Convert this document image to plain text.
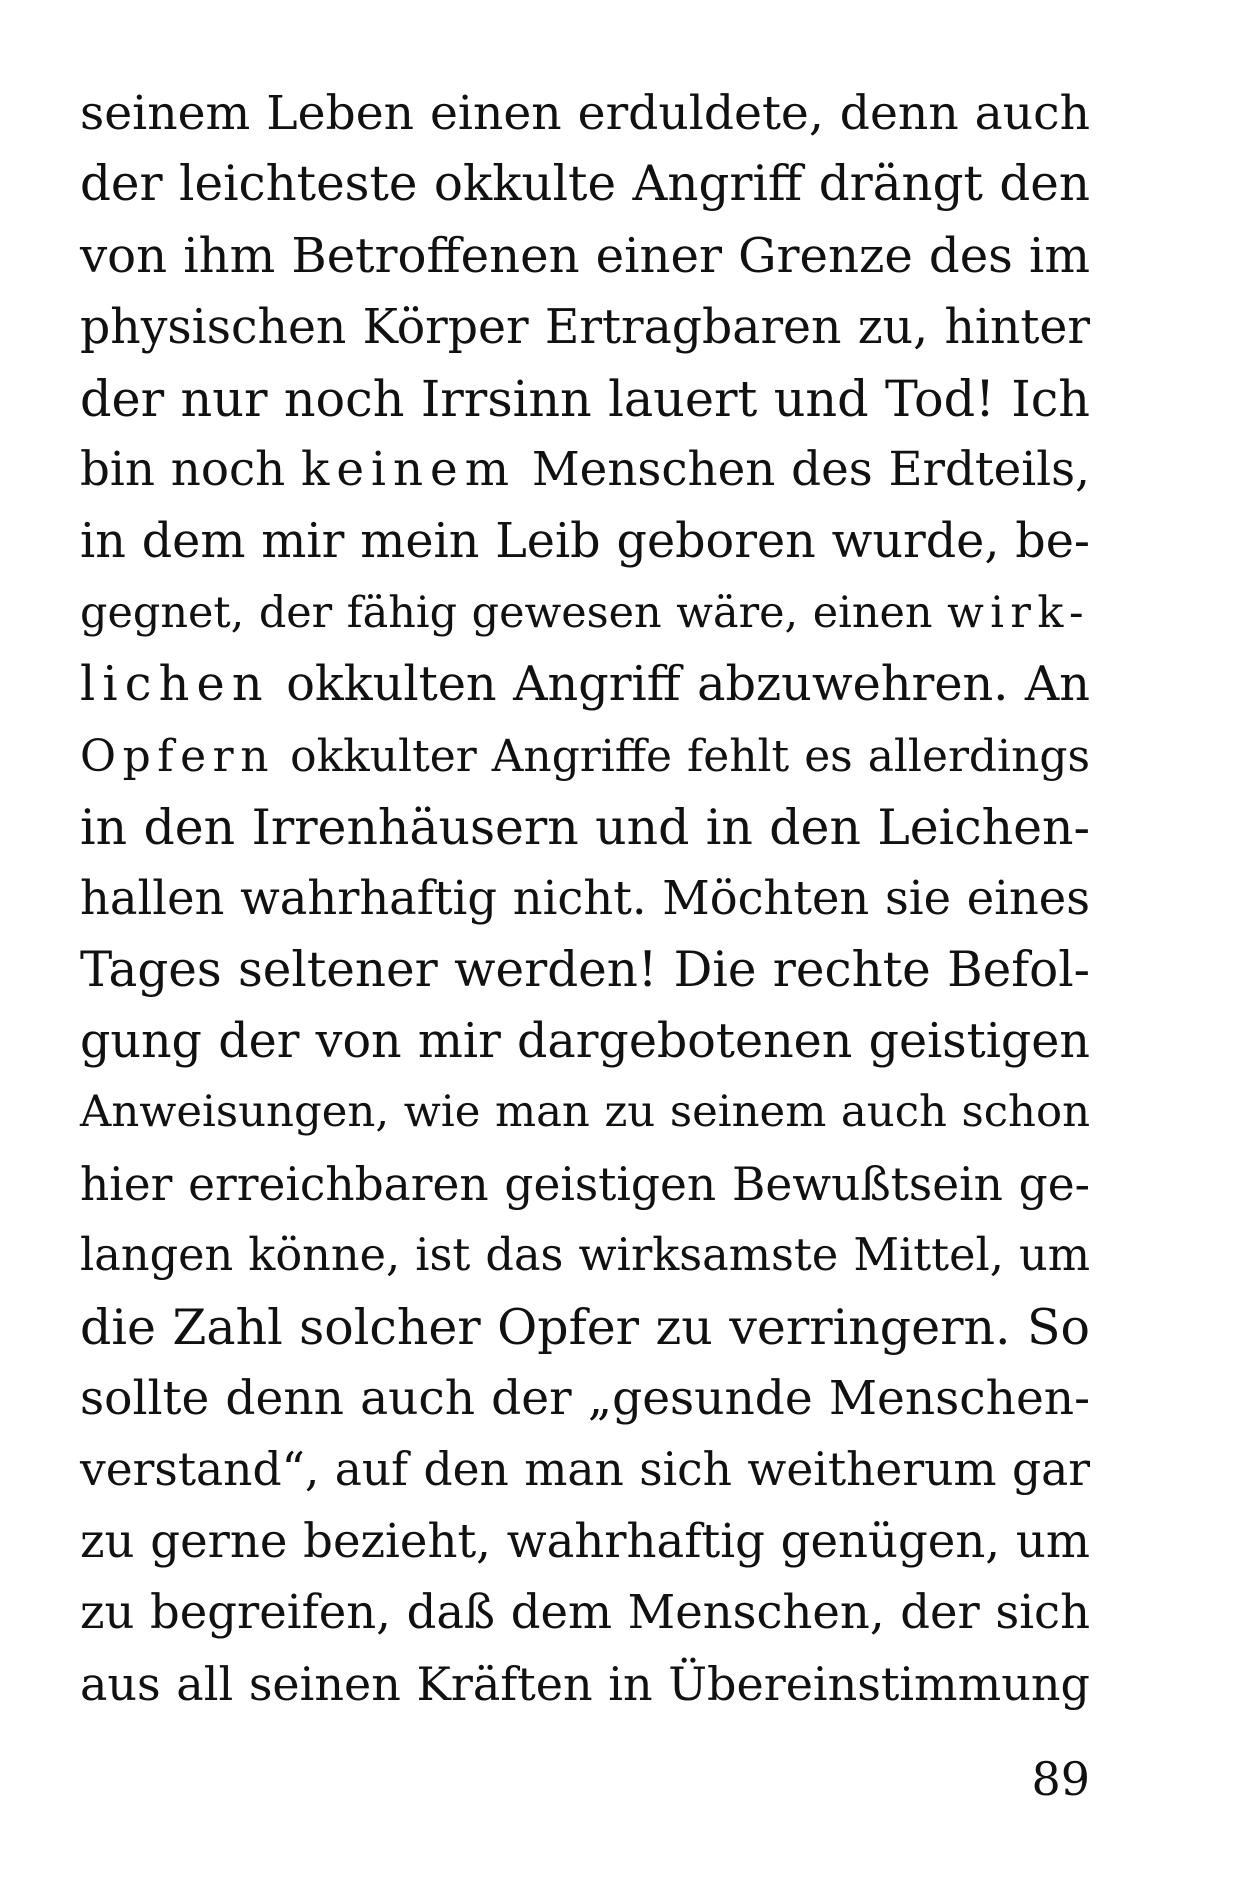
seinem Leben einen erduldete, denn auch
der leichteste okkulte Angriff drängt den
von ihm Betroffenen einer Grenze des im
physischen Körper Ertragbaren zu, hinter
der nur noch Irrsinn lauert und Tod! Ich
bin noch keinem Menschen des Erdteils,
in dem mir mein Leib geboren wurde, be-
gegnet, der fähig gewesen wäre, einen wirk-
lichen okkulten Angriff abzuwehren. An
Opfern okkulter Angriffe fehlt es allerdings
in den Irrenhäusern und in den Leichen-
hallen wahrhaftig nicht. Möchten sie eines
Tages seltener werden! Die rechte Befol-
gung der von mir dargebotenen geistigen
Anweisungen, wie man zu seinem auch schon
hier erreichbaren geistigen Bewußtsein ge-
langen könne, ist das wirksamste Mittel, um
die Zahl solcher Opfer zu verringern. So
sollte denn auch der „gesunde Menschen-
verstand“, auf den man sich weitherum gar
zu gerne bezieht, wahrhaftig genügen, um
zu begreifen, daß dem Menschen, der sich
aus all seinen Kräften in Übereinstimmung
89
